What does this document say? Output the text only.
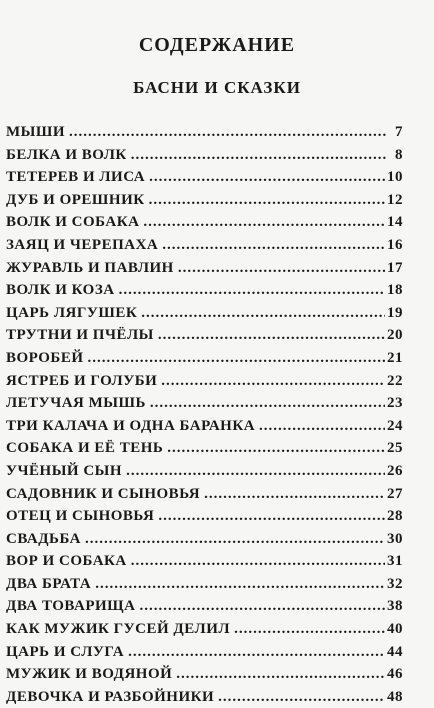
СОДЕРЖАНИЕ
БАСНИ И СКАЗКИ
МЫШИ .....	7
БЕЛКА И ВОЛК .....	8
ТЕТЕРЕВ И ЛИСА .....	10
ДУБ И ОРЕШНИК .....	12
ВОЛК И СОБАКА .....	14
ЗАЯЦ И ЧЕРЕПАХА .....	16
ЖУРАВЛЬ И ПАВЛИН .....	17
ВОЛК И КОЗА .....	18
ЦАРЬ ЛЯГУШЕК .....	19
ТРУТНИ И ПЧЁЛЫ .....	20
ВОРОБЕЙ .....	21
ЯСТРЕБ И ГОЛУБИ .....	22
ЛЕТУЧАЯ МЫШЬ .....	23
ТРИ КАЛАЧА И ОДНА БАРАНКА .....	24
СОБАКА И ЕЁ ТЕНЬ .....	25
УЧЁНЫЙ СЫН .....	26
САДОВНИК И СЫНОВЬЯ .....	27
ОТЕЦ И СЫНОВЬЯ .....	28
СВАДЬБА .....	30
ВОР И СОБАКА .....	31
ДВА БРАТА .....	32
ДВА ТОВАРИЩА .....	38
КАК МУЖИК ГУСЕЙ ДЕЛИЛ .....	40
ЦАРЬ И СЛУГА .....	44
МУЖИК И ВОДЯНОЙ .....	46
ДЕВОЧКА И РАЗБОЙНИКИ .....	48
